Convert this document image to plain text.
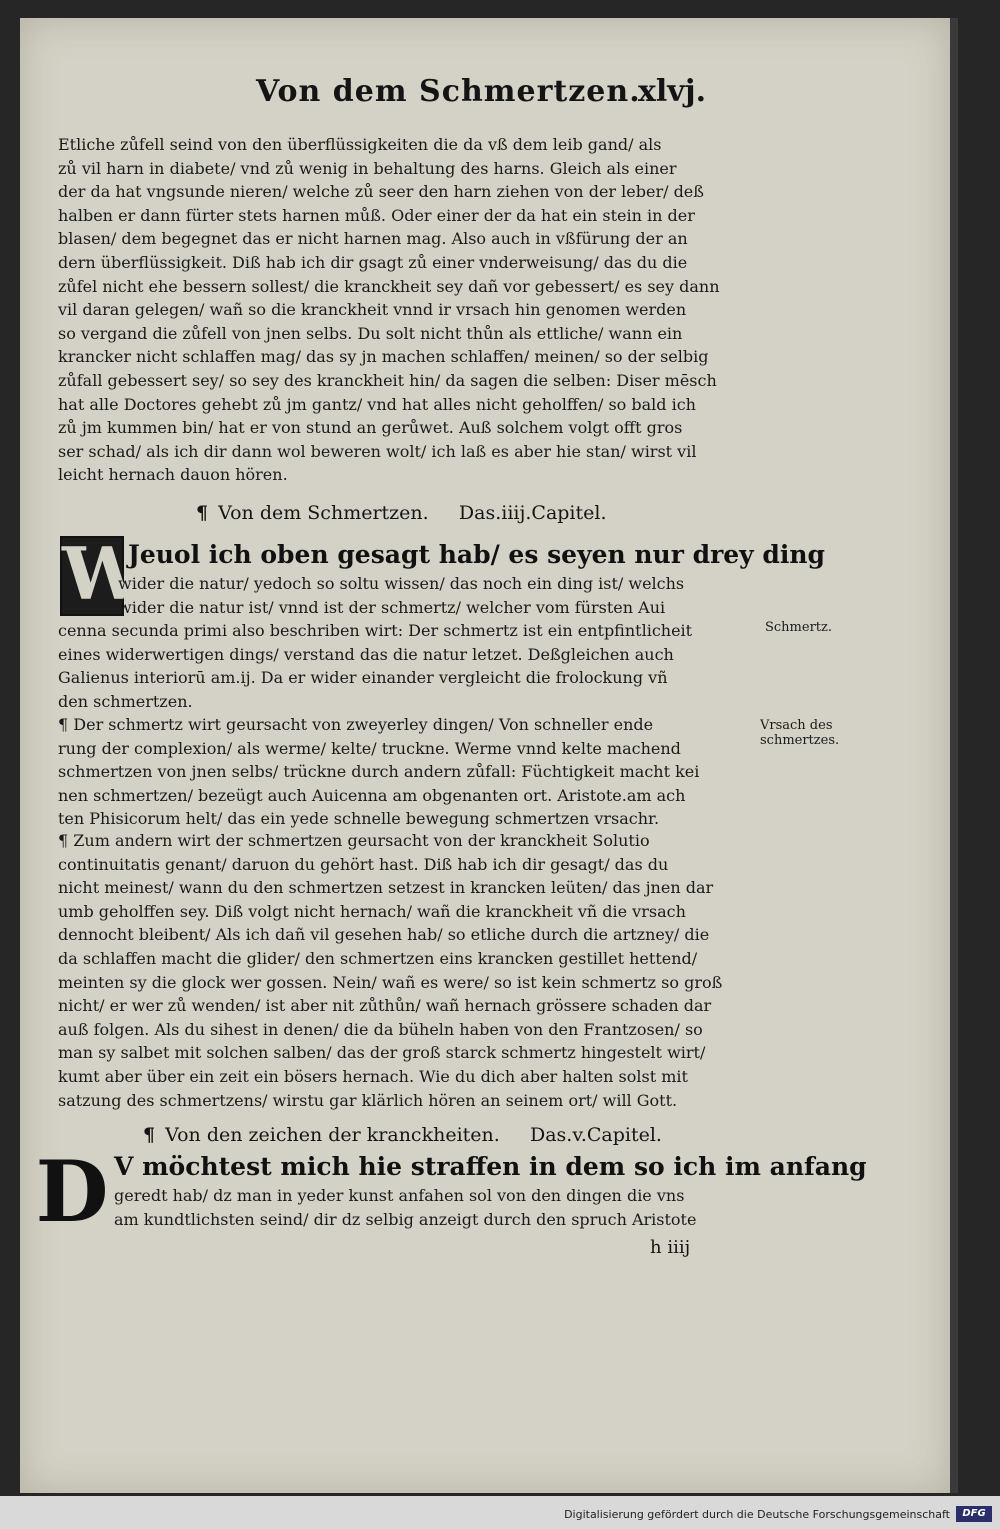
Von dem Schmertzen.
xlvj.
Etliche zůfell seind von den überflüssigkeiten die da vß dem leib gand/ als
zů vil harn in diabete/ vnd zů wenig in behaltung des harns. Gleich als einer
der da hat vngsunde nieren/ welche zů seer den harn ziehen von der leber/ deß
halben er dann fürter stets harnen můß. Oder einer der da hat ein stein in der
blasen/ dem begegnet das er nicht harnen mag. Also auch in vßfürung der an
dern überflüssigkeit. Diß hab ich dir gsagt zů einer vnderweisung/ das du die
zůfel nicht ehe bessern sollest/ die kranckheit sey dañ vor gebessert/ es sey dann
vil daran gelegen/ wañ so die kranckheit vnnd ir vrsach hin genomen werden
so vergand die zůfell von jnen selbs. Du solt nicht thůn als ettliche/ wann ein
krancker nicht schlaffen mag/ das sy jn machen schlaffen/ meinen/ so der selbig
zůfall gebessert sey/ so sey des kranckheit hin/ da sagen die selben: Diser mēsch
hat alle Doctores gehebt zů jm gantz/ vnd hat alles nicht geholffen/ so bald ich
zů jm kummen bin/ hat er von stund an gerůwet. Auß solchem volgt offt gros
ser schad/ als ich dir dann wol beweren wolt/ ich laß es aber hie stan/ wirst vil
leicht hernach dauon hören.
¶ Von dem Schmertzen.     Das.iiij.Capitel.
W
Jeuol ich oben gesagt hab/ es seyen nur drey ding
wider die natur/ yedoch so soltu wissen/ das noch ein ding ist/ welchs
wider die natur ist/ vnnd ist der schmertz/ welcher vom fürsten Aui
cenna secunda primi also beschriben wirt: Der schmertz ist ein entpfintlicheit
eines widerwertigen dings/ verstand das die natur letzet. Deßgleichen auch
Galienus interiorū am.ij. Da er wider einander vergleicht die frolockung vñ
den schmertzen.
¶ Der schmertz wirt geursacht von zweyerley dingen/ Von schneller ende
rung der complexion/ als werme/ kelte/ truckne. Werme vnnd kelte machend
schmertzen von jnen selbs/ trückne durch andern zůfall: Füchtigkeit macht kei
nen schmertzen/ bezeügt auch Auicenna am obgenanten ort. Aristote.am ach
ten Phisicorum helt/ das ein yede schnelle bewegung schmertzen vrsachr.
¶ Zum andern wirt der schmertzen geursacht von der kranckheit Solutio
continuitatis genant/ daruon du gehört hast. Diß hab ich dir gesagt/ das du
nicht meinest/ wann du den schmertzen setzest in krancken leüten/ das jnen dar
umb geholffen sey. Diß volgt nicht hernach/ wañ die kranckheit vñ die vrsach
dennocht bleibent/ Als ich dañ vil gesehen hab/ so etliche durch die artzney/ die
da schlaffen macht die glider/ den schmertzen eins krancken gestillet hettend/
meinten sy die glock wer gossen. Nein/ wañ es were/ so ist kein schmertz so groß
nicht/ er wer zů wenden/ ist aber nit zůthůn/ wañ hernach grössere schaden dar
auß folgen. Als du sihest in denen/ die da büheln haben von den Frantzosen/ so
man sy salbet mit solchen salben/ das der groß starck schmertz hingestelt wirt/
kumt aber über ein zeit ein bösers hernach. Wie du dich aber halten solst mit
satzung des schmertzens/ wirstu gar klärlich hören an seinem ort/ will Gott.
¶ Von den zeichen der kranckheiten.     Das.v.Capitel.
D V möchtest mich hie straffen in dem so ich im anfang
geredt hab/ dz man in yeder kunst anfahen sol von den dingen die vns
am kundtlichsten seind/ dir dz selbig anzeigt durch den spruch Aristote
h iiij
Schmertz.
Vrsach des
schmertzes.
Digitalisierung gefördert durch die Deutsche Forschungsgemeinschaft	DFG
